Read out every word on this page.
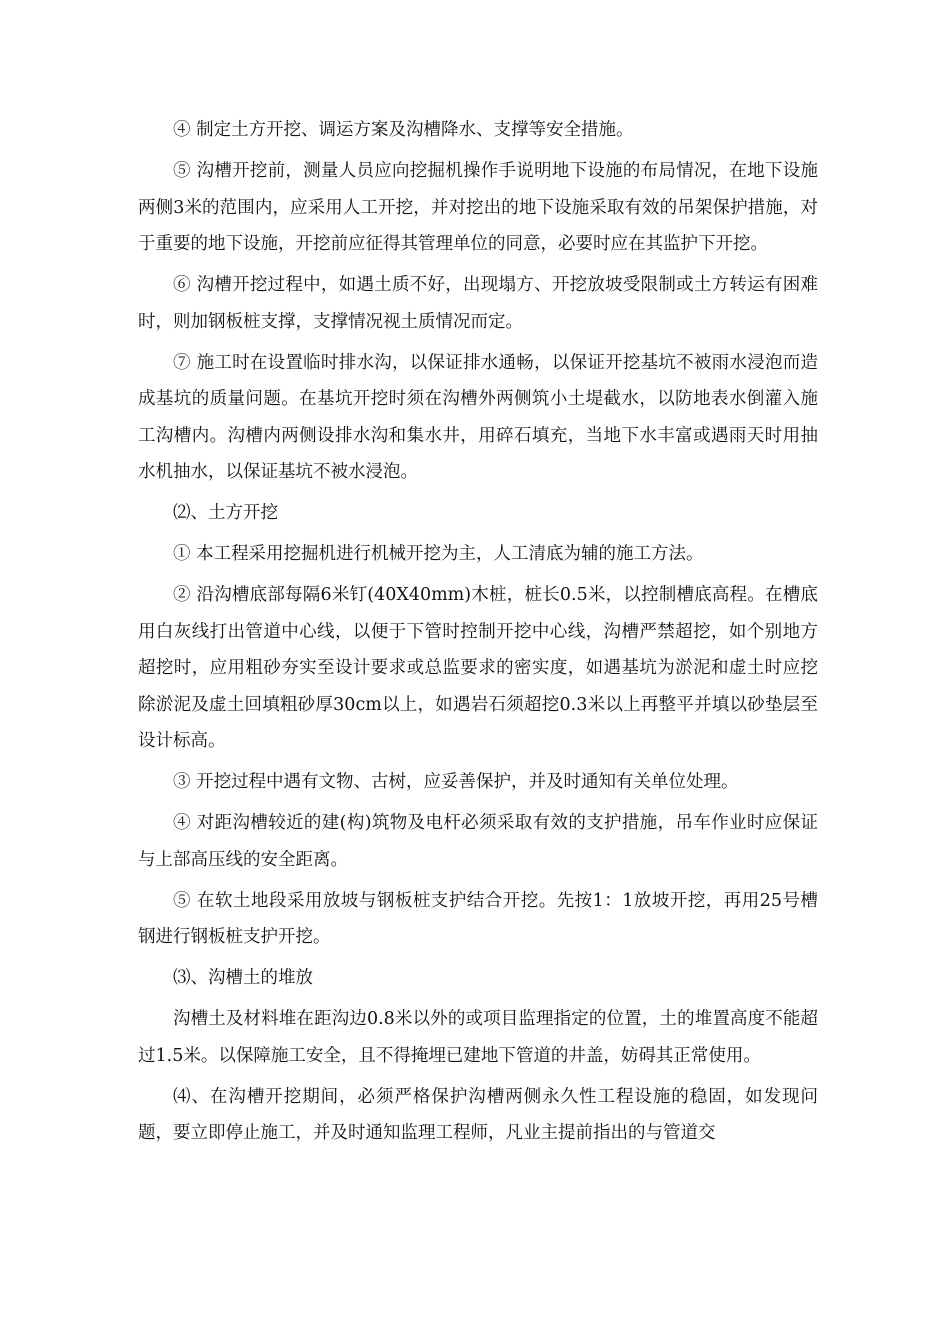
④ 制定土方开挖、调运方案及沟槽降水、支撑等安全措施。

⑤ 沟槽开挖前，测量人员应向挖掘机操作手说明地下设施的布局情况，在地下设施两侧3米的范围内，应采用人工开挖，并对挖出的地下设施采取有效的吊架保护措施，对于重要的地下设施，开挖前应征得其管理单位的同意，必要时应在其监护下开挖。

⑥ 沟槽开挖过程中，如遇土质不好，出现塌方、开挖放坡受限制或土方转运有困难时，则加钢板桩支撑，支撑情况视土质情况而定。

⑦ 施工时在设置临时排水沟，以保证排水通畅，以保证开挖基坑不被雨水浸泡而造成基坑的质量问题。在基坑开挖时须在沟槽外两侧筑小土堤截水，以防地表水倒灌入施工沟槽内。沟槽内两侧设排水沟和集水井，用碎石填充，当地下水丰富或遇雨天时用抽水机抽水，以保证基坑不被水浸泡。

⑵、土方开挖

① 本工程采用挖掘机进行机械开挖为主，人工清底为辅的施工方法。

② 沿沟槽底部每隔6米钉(40X40mm)木桩，桩长0.5米，以控制槽底高程。在槽底用白灰线打出管道中心线，以便于下管时控制开挖中心线，沟槽严禁超挖，如个别地方超挖时，应用粗砂夯实至设计要求或总监要求的密实度，如遇基坑为淤泥和虚土时应挖除淤泥及虚土回填粗砂厚30cm以上，如遇岩石须超挖0.3米以上再整平并填以砂垫层至设计标高。

③ 开挖过程中遇有文物、古树，应妥善保护，并及时通知有关单位处理。

④ 对距沟槽较近的建(构)筑物及电杆必须采取有效的支护措施，吊车作业时应保证与上部高压线的安全距离。

⑤ 在软土地段采用放坡与钢板桩支护结合开挖。先按1：1放坡开挖，再用25号槽钢进行钢板桩支护开挖。

⑶、沟槽土的堆放

沟槽土及材料堆在距沟边0.8米以外的或项目监理指定的位置，土的堆置高度不能超过1.5米。以保障施工安全，且不得掩埋已建地下管道的井盖，妨碍其正常使用。

⑷、在沟槽开挖期间，必须严格保护沟槽两侧永久性工程设施的稳固，如发现问题，要立即停止施工，并及时通知监理工程师，凡业主提前指出的与管道交
